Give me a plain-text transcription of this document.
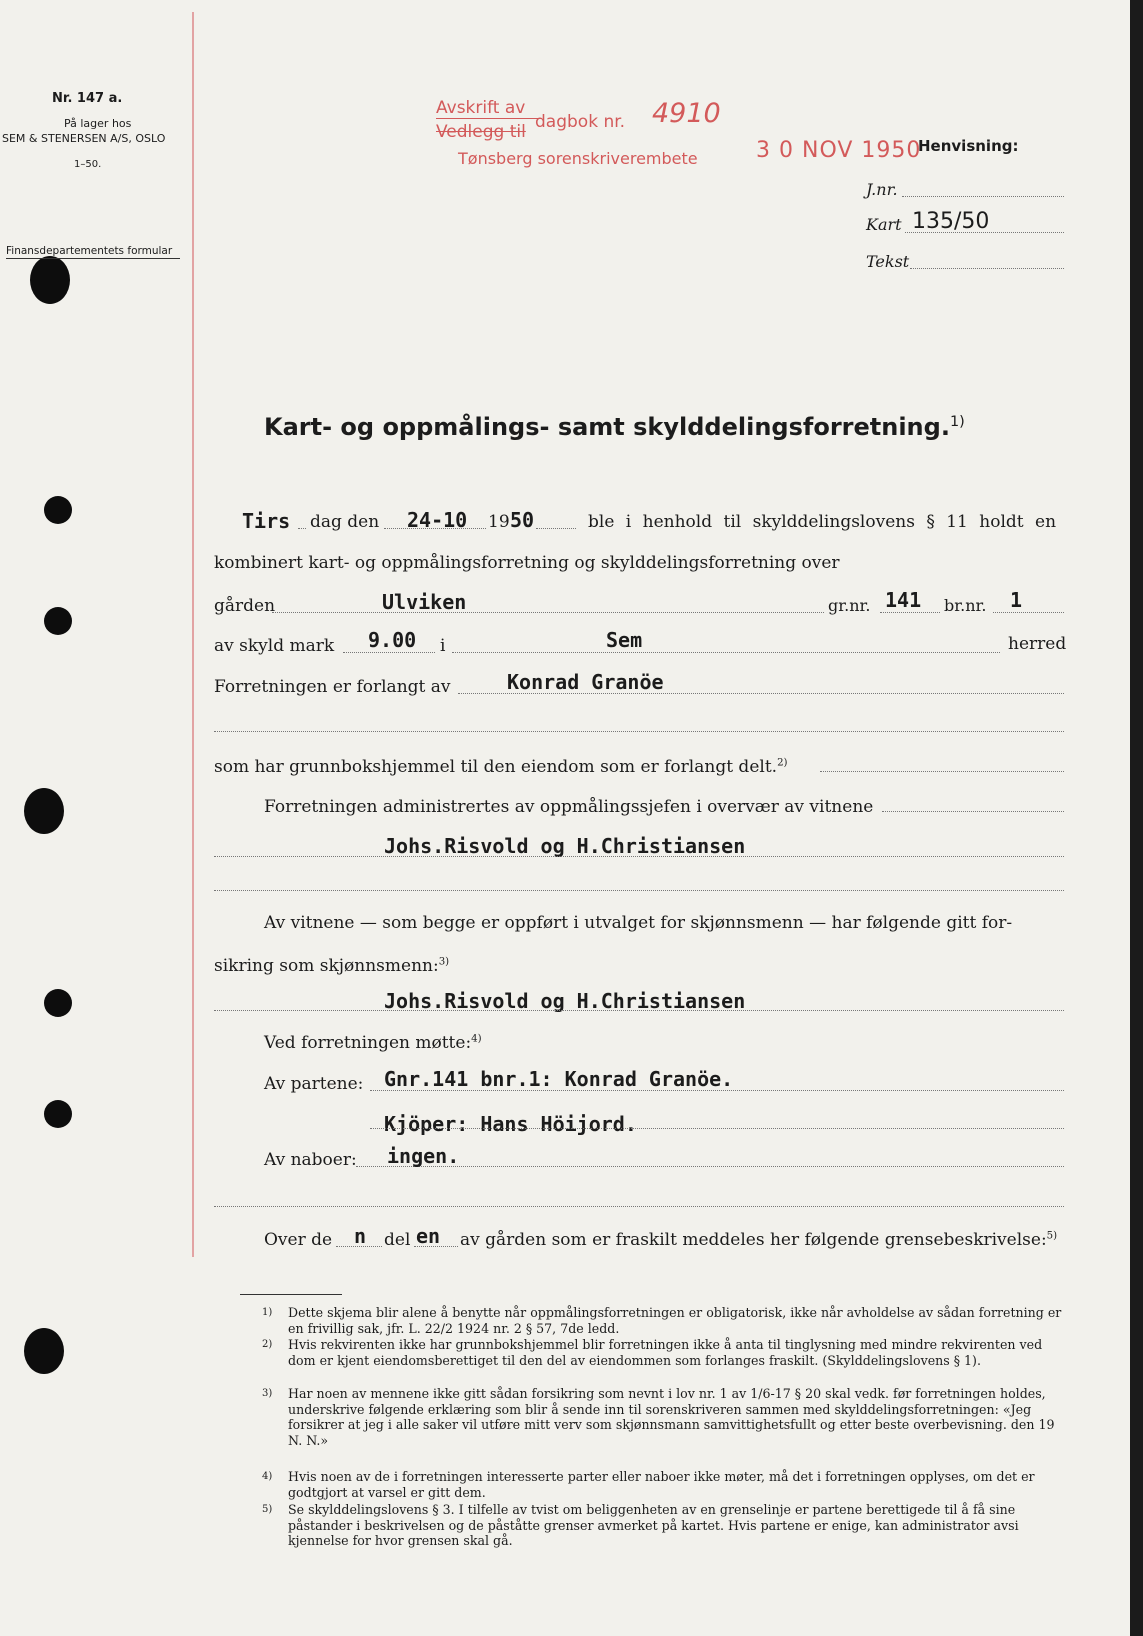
Nr. 147 a.
På lager hos
SEM & STENERSEN A/S, OSLO
1–50.
Finansdepartementets formular
Avskrift av
Vedlegg til dagbok nr. 4910
Tønsberg sorenskriverembete	3 0 NOV 1950
Henvisning:
J.nr.
Kart 135/50
Tekst
Kart- og oppmålings- samt skylddelingsforretning.$^{1)}$
Tirs dag den 24-10 19 50	ble i henhold til skylddelingslovens § 11 holdt en
kombinert kart- og oppmålingsforretning og skylddelingsforretning over
gården	Ulviken	gr.nr. 141 br.nr. 1
av skyld mark 9.00 i	Sem	herred
Forretningen er forlangt av	Konrad Granöe
som har grunnbokshjemmel til den eiendom som er forlangt delt.$^{2)}$
Forretningen administrertes av oppmålingssjefen i overvær av vitnene
Johs.Risvold og H.Christiansen
Av vitnene — som begge er oppført i utvalget for skjønnsmenn — har følgende gitt for-
sikring som skjønnsmenn:$^{3)}$
Johs.Risvold og H.Christiansen
Ved forretningen møtte:$^{4)}$
Av partene: Gnr.141 bnr.1: Konrad Granöe.
Kjöper: Hans Höijord.
Av naboer: ingen.
Over de n del en av gården som er fraskilt meddeles her følgende grensebeskrivelse:$^{5)}$
1) Dette skjema blir alene å benytte når oppmålingsforretningen er obligatorisk, ikke når avholdelse av sådan forretning er en frivillig sak, jfr. L. 22/2 1924 nr. 2 § 57, 7de ledd.
2) Hvis rekvirenten ikke har grunnbokshjemmel blir forretningen ikke å anta til tinglysning med mindre rekvirenten ved dom er kjent eiendomsberettiget til den del av eiendommen som forlanges fraskilt. (Skylddelingslovens § 1).
3) Har noen av mennene ikke gitt sådan forsikring som nevnt i lov nr. 1 av 1/6-17 § 20 skal vedk. før forretningen holdes, underskrive følgende erklæring som blir å sende inn til sorenskriveren sammen med skylddelingsforretningen: «Jeg forsikrer at jeg i alle saker vil utføre mitt verv som skjønnsmann samvittighetsfullt og etter beste overbevisning. den 19 N. N.»
4) Hvis noen av de i forretningen interesserte parter eller naboer ikke møter, må det i forretningen opplyses, om det er godtgjort at varsel er gitt dem.
5) Se skylddelingslovens § 3. I tilfelle av tvist om beliggenheten av en grenselinje er partene berettigede til å få sine påstander i beskrivelsen og de påståtte grenser avmerket på kartet. Hvis partene er enige, kan administrator avsi kjennelse for hvor grensen skal gå.
